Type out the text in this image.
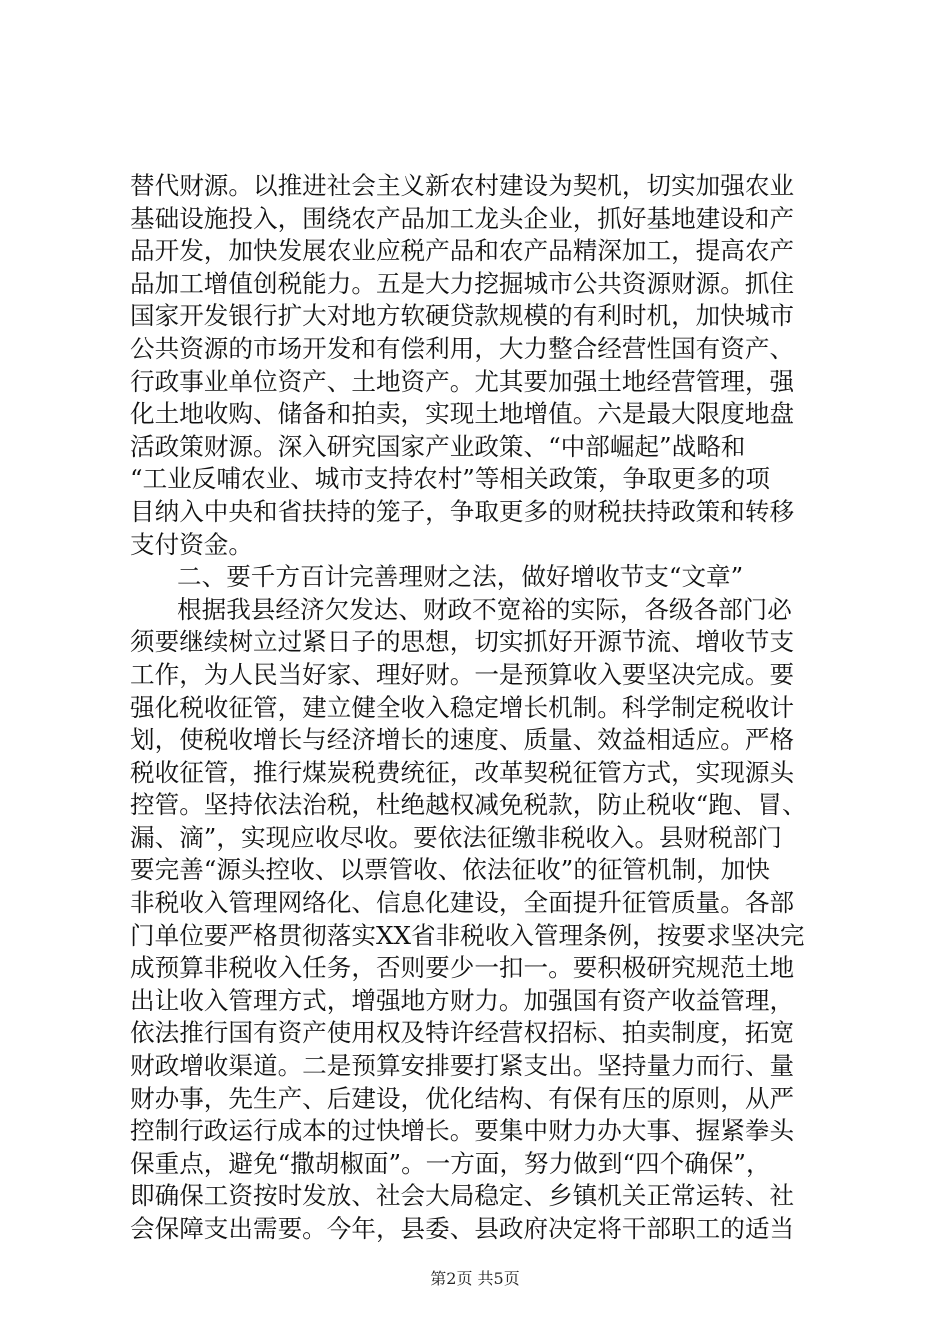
替代财源。以推进社会主义新农村建设为契机，切实加强农业
基础设施投入，围绕农产品加工龙头企业，抓好基地建设和产
品开发，加快发展农业应税产品和农产品精深加工，提高农产
品加工增值创税能力。五是大力挖掘城市公共资源财源。抓住
国家开发银行扩大对地方软硬贷款规模的有利时机，加快城市
公共资源的市场开发和有偿利用，大力整合经营性国有资产、
行政事业单位资产、土地资产。尤其要加强土地经营管理，强
化土地收购、储备和拍卖，实现土地增值。六是最大限度地盘
活政策财源。深入研究国家产业政策、“中部崛起”战略和
“工业反哺农业、城市支持农村”等相关政策，争取更多的项
目纳入中央和省扶持的笼子，争取更多的财税扶持政策和转移
支付资金。
二、要千方百计完善理财之法，做好增收节支“文章”
根据我县经济欠发达、财政不宽裕的实际，各级各部门必
须要继续树立过紧日子的思想，切实抓好开源节流、增收节支
工作，为人民当好家、理好财。一是预算收入要坚决完成。要
强化税收征管，建立健全收入稳定增长机制。科学制定税收计
划，使税收增长与经济增长的速度、质量、效益相适应。严格
税收征管，推行煤炭税费统征，改革契税征管方式，实现源头
控管。坚持依法治税，杜绝越权减免税款，防止税收“跑、冒、
漏、滴”，实现应收尽收。要依法征缴非税收入。县财税部门
要完善“源头控收、以票管收、依法征收”的征管机制，加快
非税收入管理网络化、信息化建设，全面提升征管质量。各部
门单位要严格贯彻落实XX省非税收入管理条例，按要求坚决完
成预算非税收入任务，否则要少一扣一。要积极研究规范土地
出让收入管理方式，增强地方财力。加强国有资产收益管理，
依法推行国有资产使用权及特许经营权招标、拍卖制度，拓宽
财政增收渠道。二是预算安排要打紧支出。坚持量力而行、量
财办事，先生产、后建设，优化结构、有保有压的原则，从严
控制行政运行成本的过快增长。要集中财力办大事、握紧拳头
保重点，避免“撒胡椒面”。一方面，努力做到“四个确保”，
即确保工资按时发放、社会大局稳定、乡镇机关正常运转、社
会保障支出需要。今年，县委、县政府决定将干部职工的适当
第2页 共5页
